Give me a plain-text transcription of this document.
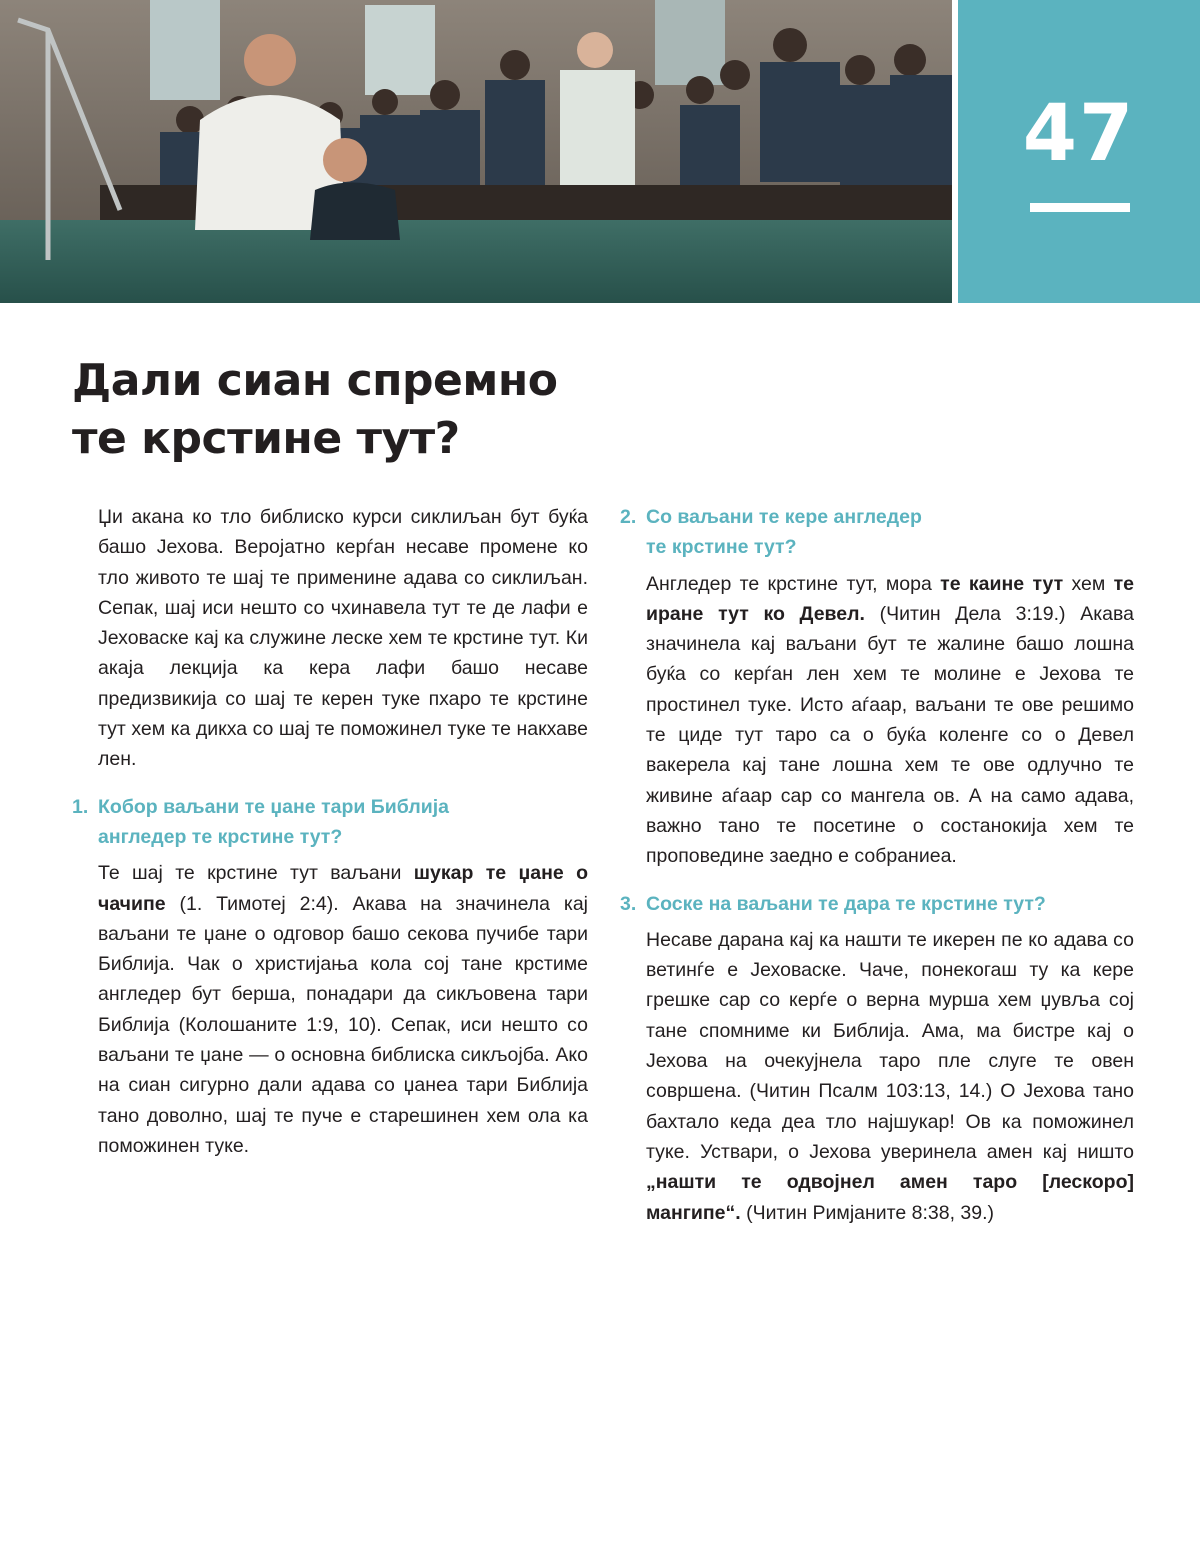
47
Дали сиан спремно
те крстине тут?

Џи акана ко тло библиско курси сиклиљан бут буќа башо Јехова. Веројатно керѓан несаве промене ко тло живото те шај те применине адава со сиклиљан. Сепак, шај иси нешто со чхинавела тут те де лафи е Јеховаске кај ка служине леске хем те крстине тут. Ки акаја лекција ка кера лафи башо несаве предизвикија со шај те керен туке пхаро те крстине тут хем ка дикха со шај те поможинел туке те накхаве лен.

1. Кобор ваљани те џане тари Библија
англедер те крстине тут?

Те шај те крстине тут ваљани шукар те џане о чачипе (1. Тимотеј 2:4). Акава на значинела кај ваљани те џане о одговор башо секова пучибе тари Библија. Чак о христијања кола сој тане крстиме англедер бут берша, понадари да сикљовена тари Библија (Колошаните 1:9, 10). Сепак, иси нешто со ваљани те џане — о основна библиска сикљојба. Ако на сиан сигурно дали адава со џанеа тари Библија тано доволно, шај те пуче е старешинен хем ола ка поможинен туке.

2. Со ваљани те кере англедер
те крстине тут?

Англедер те крстине тут, мора те каине тут хем те иране тут ко Девел. (Читин Дела 3:19.) Акава значинела кај ваљани бут те жалине башо лошна буќа со керѓан лен хем те молине е Јехова те простинел туке. Исто аѓаар, ваљани те ове решимо те циде тут таро са о буќа коленге со о Девел вакерела кај тане лошна хем те ове одлучно те живине аѓаар сар со мангела ов. А на само адава, важно тано те посетине о состанокија хем те проповедине заедно е собраниеа.

3. Соске на ваљани те дара те крстине тут?

Несаве дарана кај ка нашти те икерен пе ко адава со ветинѓе е Јеховаске. Чаче, понекогаш ту ка кере грешке сар со керѓе о верна мурша хем џувља сој тане спомниме ки Библија. Ама, ма бистре кај о Јехова на очекујнела таро пле слуге те овен совршена. (Читин Псалм 103:13, 14.) О Јехова тано бахтало кеда деа тло најшукар! Ов ка поможинел туке. Уствари, о Јехова уверинела амен кај ништо „нашти те одвојнел амен таро [лескоро] мангипе“. (Читин Римјаните 8:38, 39.)
